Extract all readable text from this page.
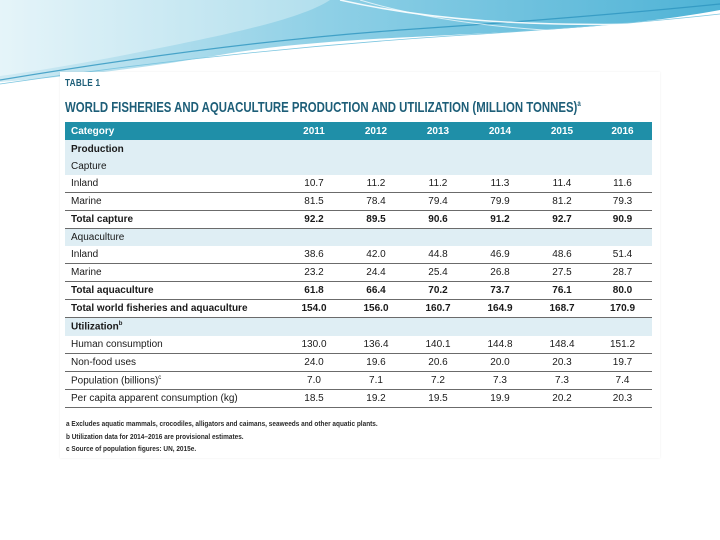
TABLE 1
WORLD FISHERIES AND AQUACULTURE PRODUCTION AND UTILIZATION (MILLION TONNES)$^a$
Category	2011	2012	2013	2014	2015	2016
Production						
Capture						
Inland	10.7	11.2	11.2	11.3	11.4	11.6
Marine	81.5	78.4	79.4	79.9	81.2	79.3
Total capture	92.2	89.5	90.6	91.2	92.7	90.9
Aquaculture						
Inland	38.6	42.0	44.8	46.9	48.6	51.4
Marine	23.2	24.4	25.4	26.8	27.5	28.7
Total aquaculture	61.8	66.4	70.2	73.7	76.1	80.0
Total world fisheries and aquaculture	154.0	156.0	160.7	164.9	168.7	170.9
Utilization$^b$						
Human consumption	130.0	136.4	140.1	144.8	148.4	151.2
Non-food uses	24.0	19.6	20.6	20.0	20.3	19.7
Population (billions)$^c$	7.0	7.1	7.2	7.3	7.3	7.4
Per capita apparent consumption (kg)	18.5	19.2	19.5	19.9	20.2	20.3
a Excludes aquatic mammals, crocodiles, alligators and caimans, seaweeds and other aquatic plants.
b Utilization data for 2014–2016 are provisional estimates.
c Source of population figures: UN, 2015e.
